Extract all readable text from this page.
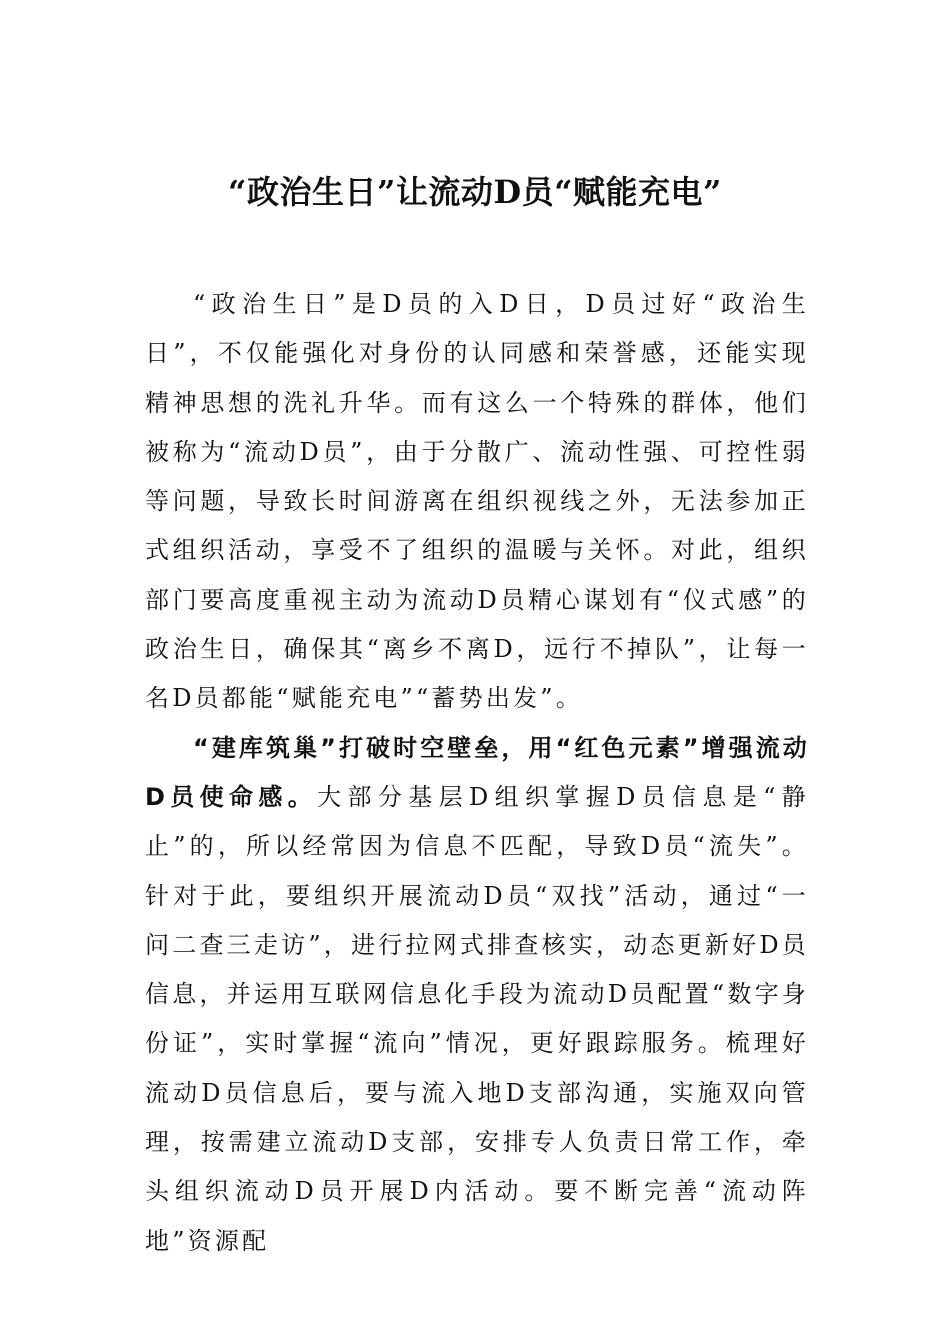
“政治生日”让流动D员“赋能充电”

“政治生日”是D员的入D日，D员过好“政治生日”，不仅能强化对身份的认同感和荣誉感，还能实现精神思想的洗礼升华。而有这么一个特殊的群体，他们被称为“流动D员”，由于分散广、流动性强、可控性弱等问题，导致长时间游离在组织视线之外，无法参加正式组织活动，享受不了组织的温暖与关怀。对此，组织部门要高度重视主动为流动D员精心谋划有“仪式感”的政治生日，确保其“离乡不离D，远行不掉队”，让每一名D员都能“赋能充电”“蓄势出发”。

“建库筑巢”打破时空壁垒，用“红色元素”增强流动D员使命感。大部分基层D组织掌握D员信息是“静止”的，所以经常因为信息不匹配，导致D员“流失”。针对于此，要组织开展流动D员“双找”活动，通过“一问二查三走访”，进行拉网式排查核实，动态更新好D员信息，并运用互联网信息化手段为流动D员配置“数字身份证”，实时掌握“流向”情况，更好跟踪服务。梳理好流动D员信息后，要与流入地D支部沟通，实施双向管理，按需建立流动D支部，安排专人负责日常工作，牵头组织流动D员开展D内活动。要不断完善“流动阵地”资源配
